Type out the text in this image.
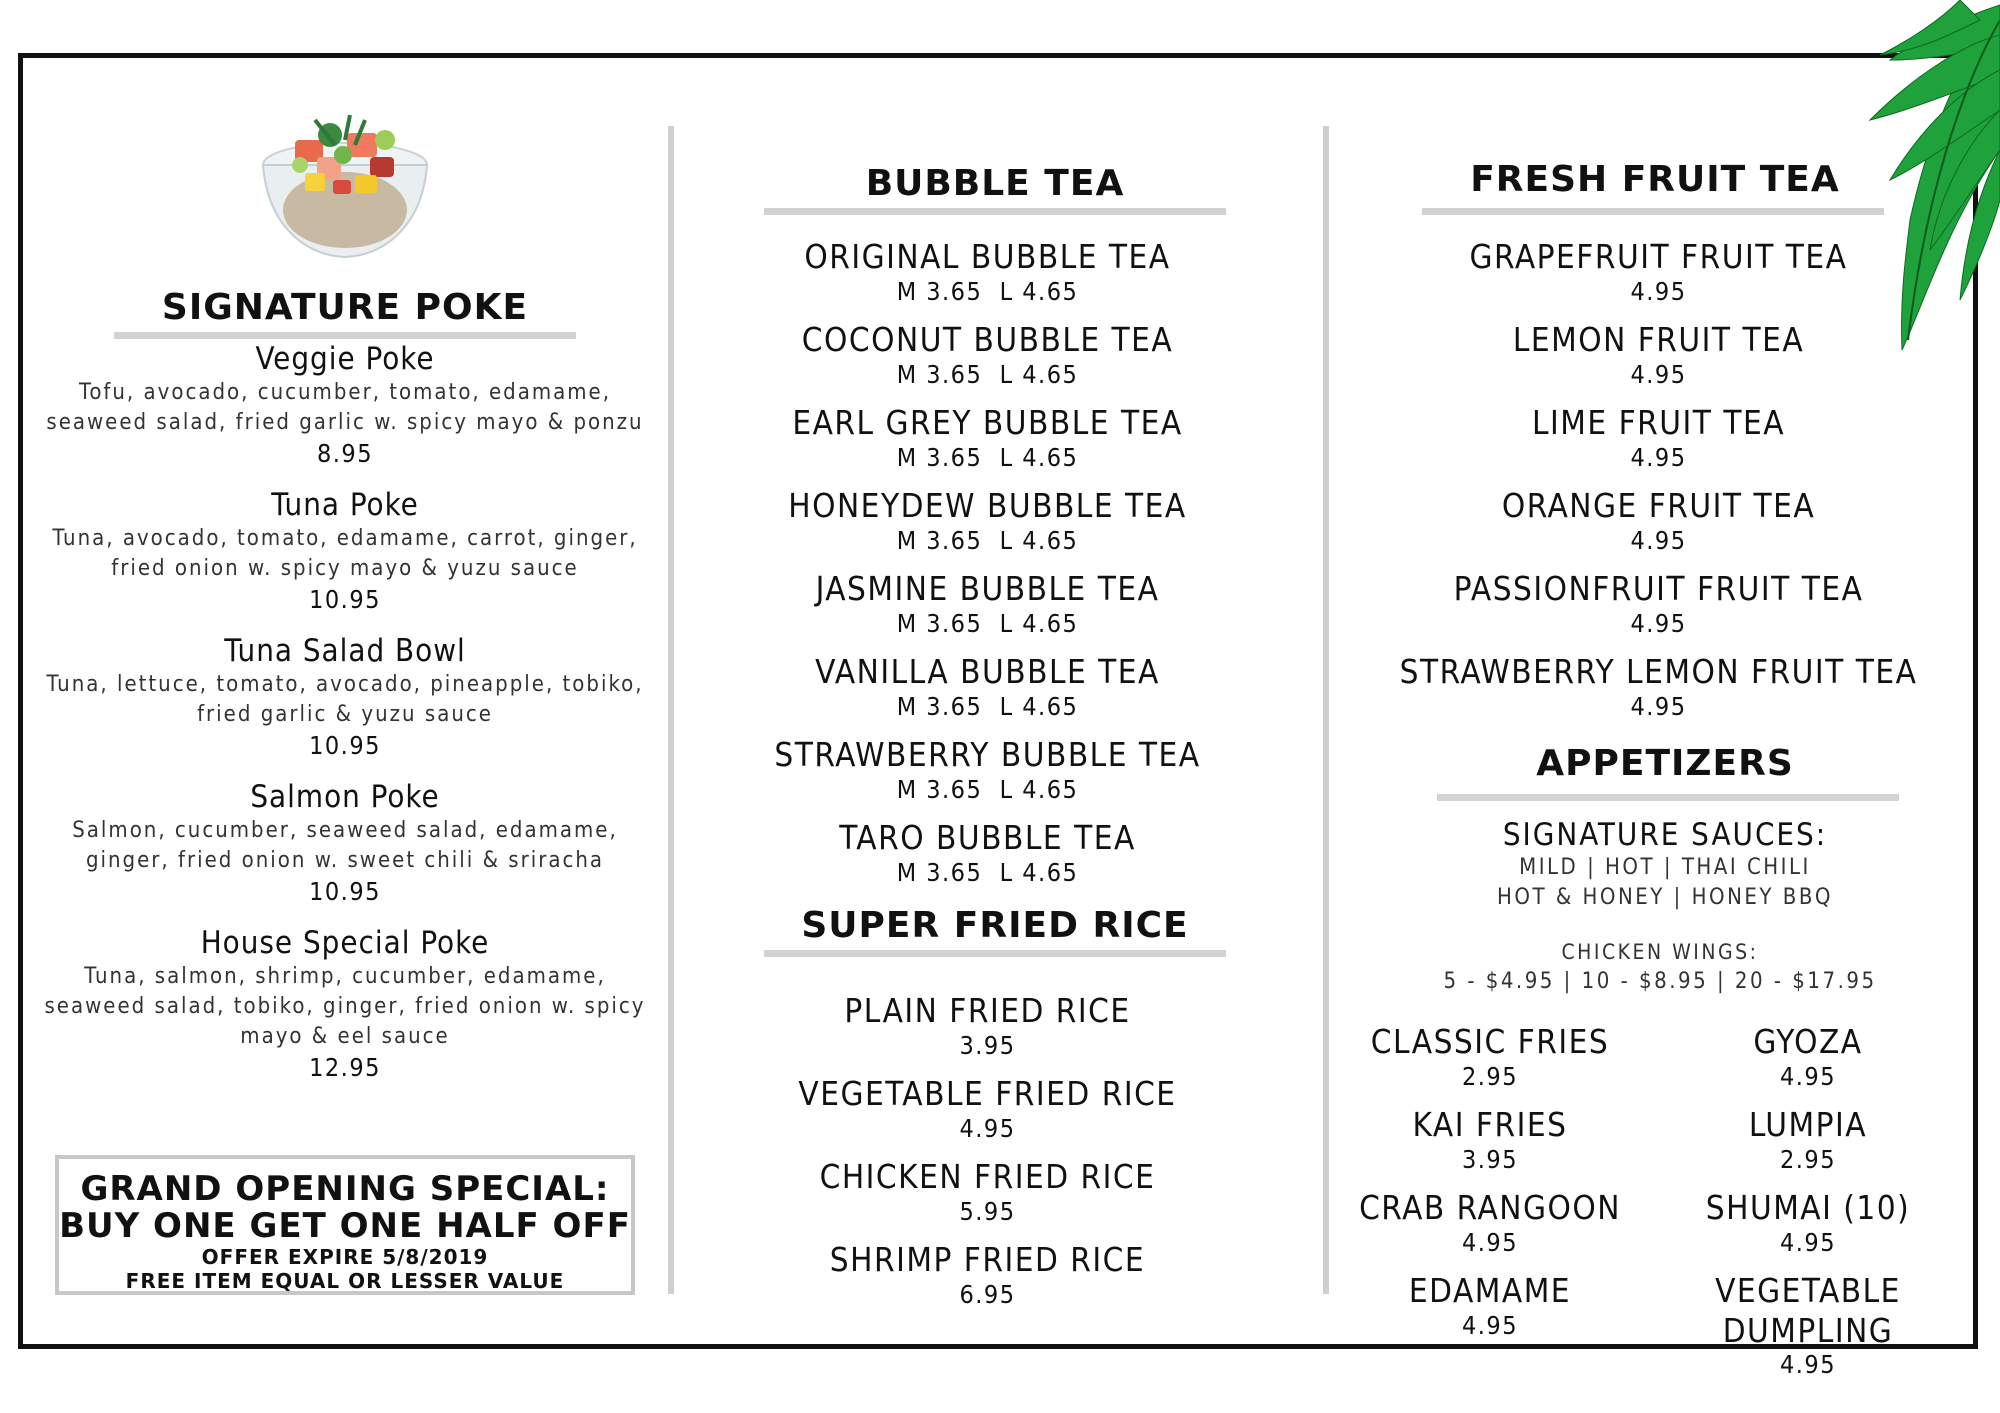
SIGNATURE POKE
Veggie Poke
Tofu, avocado, cucumber, tomato, edamame,
seaweed salad, fried garlic w. spicy mayo & ponzu
8.95
Tuna Poke
Tuna, avocado, tomato, edamame, carrot, ginger,
fried onion w. spicy mayo & yuzu sauce
10.95
Tuna Salad Bowl
Tuna, lettuce, tomato, avocado, pineapple, tobiko,
fried garlic & yuzu sauce
10.95
Salmon Poke
Salmon, cucumber, seaweed salad, edamame,
ginger, fried onion w. sweet chili & sriracha
10.95
House Special Poke
Tuna, salmon, shrimp, cucumber, edamame,
seaweed salad, tobiko, ginger, fried onion w. spicy
mayo & eel sauce
12.95
GRAND OPENING SPECIAL:
BUY ONE GET ONE HALF OFF
OFFER EXPIRE 5/8/2019
FREE ITEM EQUAL OR LESSER VALUE
BUBBLE TEA
ORIGINAL BUBBLE TEA
M 3.65  L 4.65
COCONUT BUBBLE TEA
M 3.65  L 4.65
EARL GREY BUBBLE TEA
M 3.65  L 4.65
HONEYDEW BUBBLE TEA
M 3.65  L 4.65
JASMINE BUBBLE TEA
M 3.65  L 4.65
VANILLA BUBBLE TEA
M 3.65  L 4.65
STRAWBERRY BUBBLE TEA
M 3.65  L 4.65
TARO BUBBLE TEA
M 3.65  L 4.65
SUPER FRIED RICE
PLAIN FRIED RICE
3.95
VEGETABLE FRIED RICE
4.95
CHICKEN FRIED RICE
5.95
SHRIMP FRIED RICE
6.95
FRESH FRUIT TEA
GRAPEFRUIT FRUIT TEA
4.95
LEMON FRUIT TEA
4.95
LIME FRUIT TEA
4.95
ORANGE FRUIT TEA
4.95
PASSIONFRUIT FRUIT TEA
4.95
STRAWBERRY LEMON FRUIT TEA
4.95
APPETIZERS
SIGNATURE SAUCES:
MILD | HOT | THAI CHILI
HOT & HONEY | HONEY BBQ
CHICKEN WINGS:
5 - $4.95 | 10 - $8.95 | 20 - $17.95
CLASSIC FRIES
2.95
KAI FRIES
3.95
CRAB RANGOON
4.95
EDAMAME
4.95
GYOZA
4.95
LUMPIA
2.95
SHUMAI (10)
4.95
VEGETABLE DUMPLING
4.95
